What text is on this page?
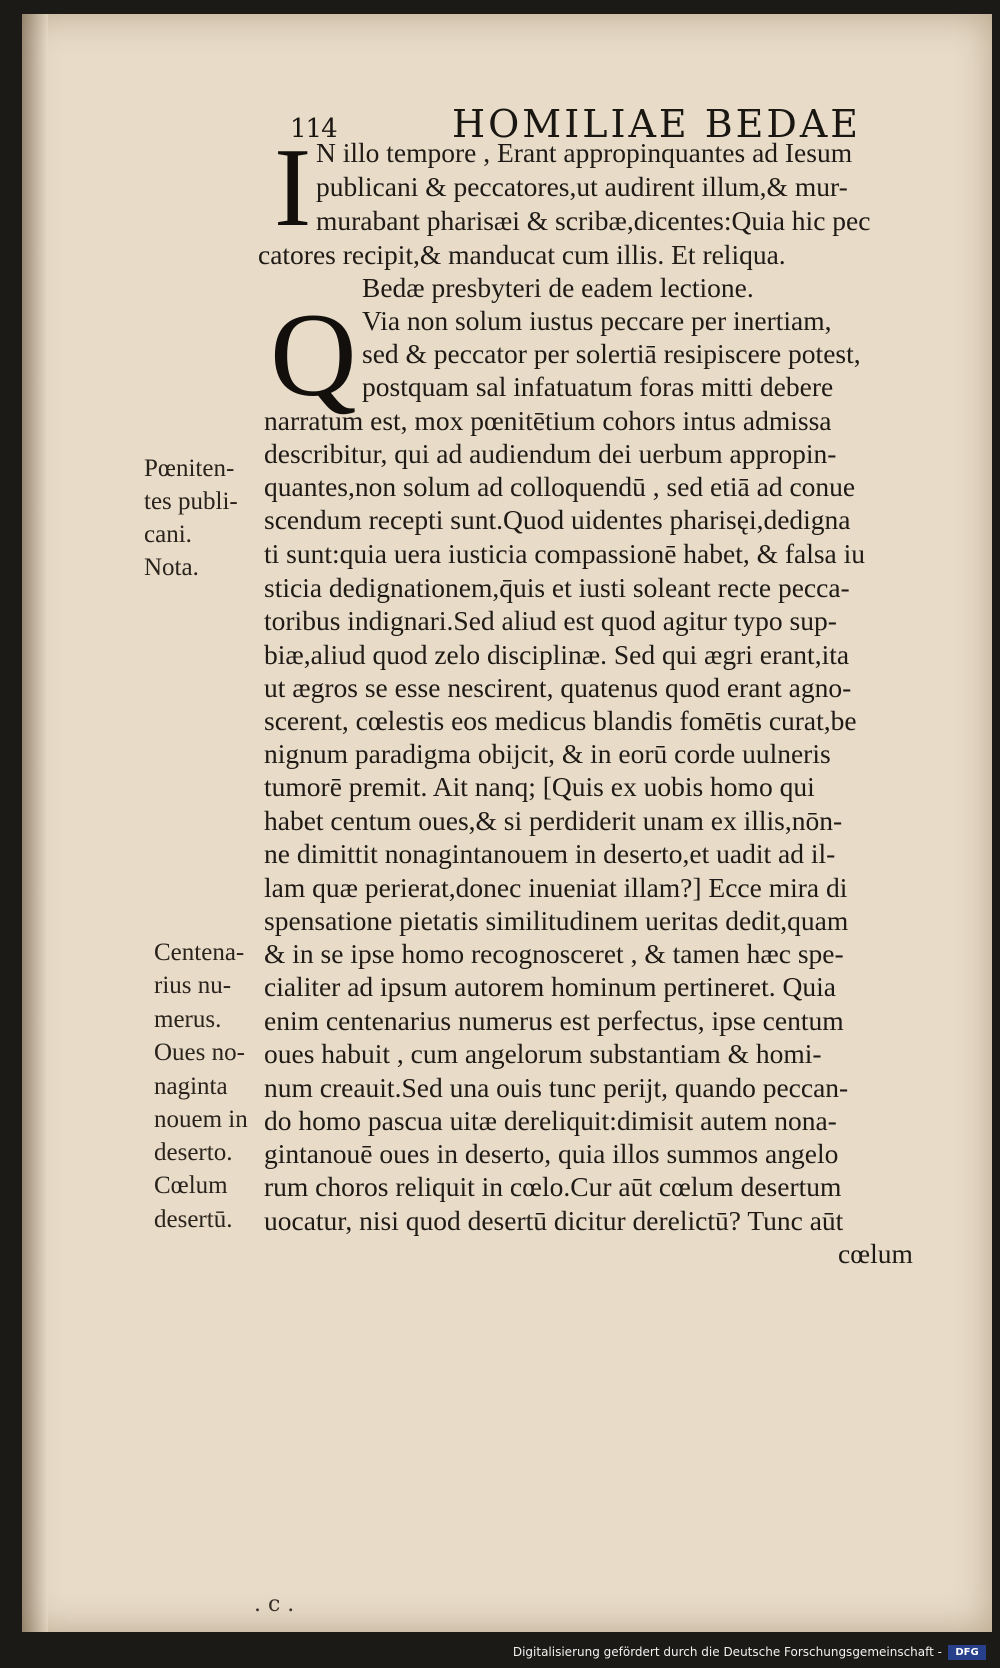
114	HOMILIAE BEDAE
I
Q
N illo tempore , Erant appropinquantes ad Iesum
publicani & peccatores,ut audirent illum,& mur-
murabant pharisæi & scribæ,dicentes:Quia hic pec
catores recipit,& manducat cum illis. Et reliqua.
Bedæ presbyteri de eadem lectione.
Via non solum iustus peccare per inertiam,
sed & peccator per solertiā resipiscere potest,
postquam sal infatuatum foras mitti debere
narratum est, mox pœnitētium cohors intus admissa
describitur, qui ad audiendum dei uerbum appropin-
quantes,non solum ad colloquendū , sed etiā ad conue
scendum recepti sunt.Quod uidentes pharisęi,dedigna
ti sunt:quia uera iusticia compassionē habet, & falsa iu
sticia dedignationem,q̄uis et iusti soleant recte pecca-
toribus indignari.Sed aliud est quod agitur typo sup-
biæ,aliud quod zelo disciplinæ. Sed qui ægri erant,ita
ut ægros se esse nescirent, quatenus quod erant agno-
scerent, cœlestis eos medicus blandis fomētis curat,be
nignum paradigma obijcit, & in eorū corde uulneris
tumorē premit. Ait nanq; [Quis ex uobis homo qui
habet centum oues,& si perdiderit unam ex illis,nōn-
ne dimittit nonagintanouem in deserto,et uadit ad il-
lam quæ perierat,donec inueniat illam?] Ecce mira di
spensatione pietatis similitudinem ueritas dedit,quam
& in se ipse homo recognosceret , & tamen hæc spe-
cialiter ad ipsum autorem hominum pertineret. Quia
enim centenarius numerus est perfectus, ipse centum
oues habuit , cum angelorum substantiam & homi-
num creauit.Sed una ouis tunc perijt, quando peccan-
do homo pascua uitæ dereliquit:dimisit autem nona-
gintanouē oues in deserto, quia illos summos angelo
rum choros reliquit in cœlo.Cur aūt cœlum desertum
uocatur, nisi quod desertū dicitur derelictū? Tunc aūt
cœlum
Pœniten-
tes publi-
cani.
Nota.
Centena-
rius nu-
merus.
Oues no-
naginta
nouem in
deserto.
Cœlum
desertū.
. c .
Digitalisierung gefördert durch die Deutsche Forschungsgemeinschaft -	DFG
